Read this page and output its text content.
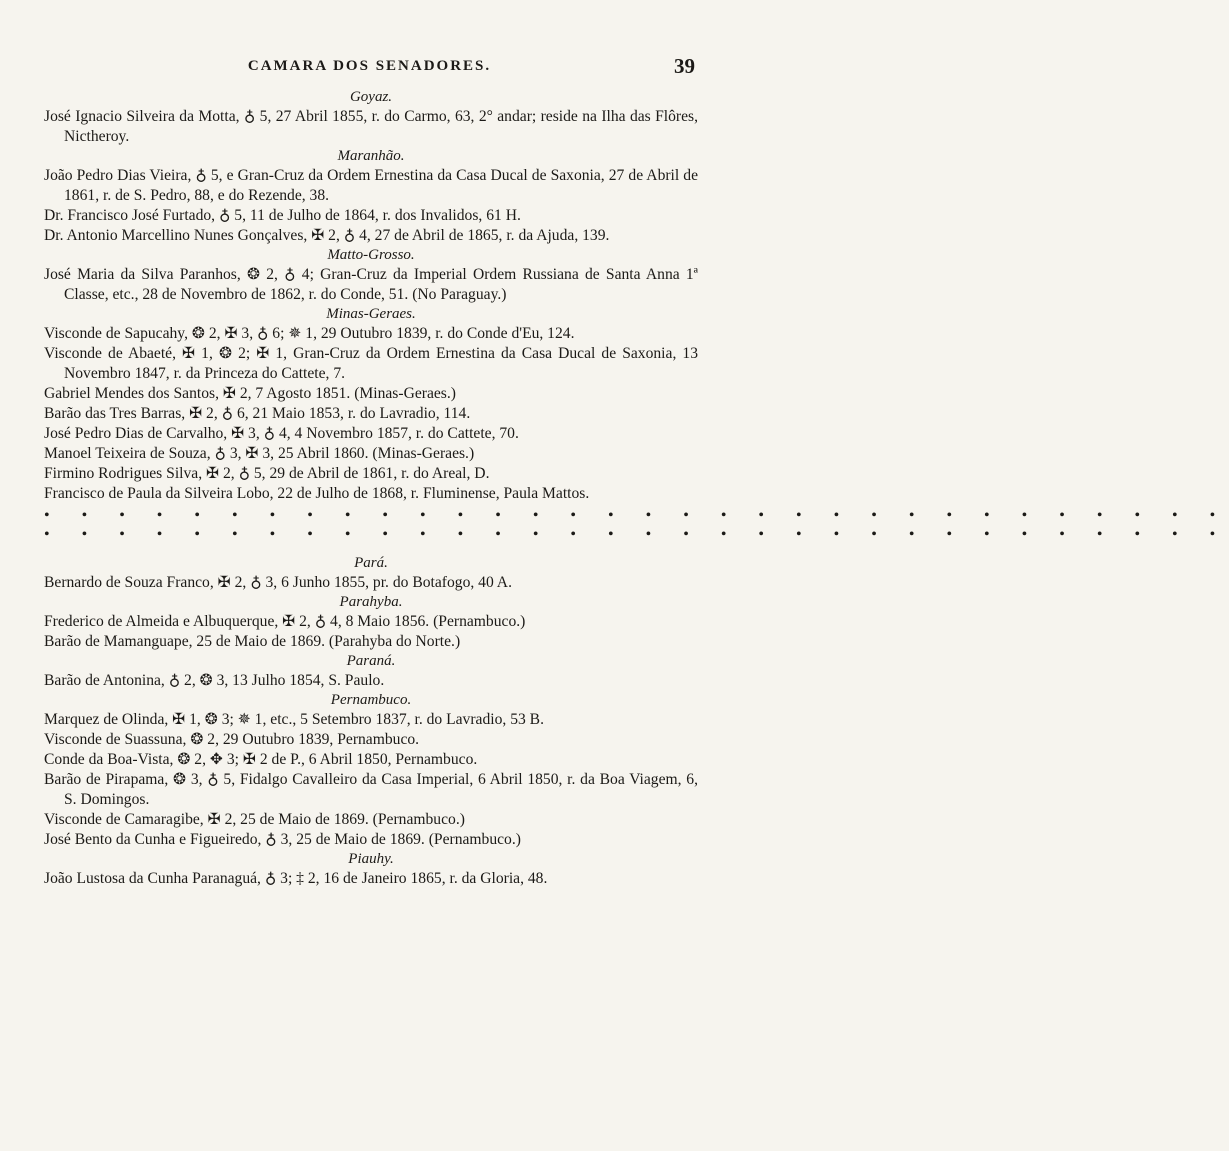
CAMARA DOS SENADORES.	39
Goyaz.
José Ignacio Silveira da Motta, ♁ 5, 27 Abril 1855, r. do Carmo, 63, 2° andar; reside na Ilha das Flôres, Nictheroy.
Maranhão.
João Pedro Dias Vieira, ♁ 5, e Gran-Cruz da Ordem Ernestina da Casa Ducal de Saxonia, 27 de Abril de 1861, r. de S. Pedro, 88, e do Rezende, 38.
Dr. Francisco José Furtado, ♁ 5, 11 de Julho de 1864, r. dos Invalidos, 61 H.
Dr. Antonio Marcellino Nunes Gonçalves, ✠ 2, ♁ 4, 27 de Abril de 1865, r. da Ajuda, 139.
Matto-Grosso.
José Maria da Silva Paranhos, ❂ 2, ♁ 4; Gran-Cruz da Imperial Ordem Russiana de Santa Anna 1ª Classe, etc., 28 de Novembro de 1862, r. do Conde, 51. (No Paraguay.)
Minas-Geraes.
Visconde de Sapucahy, ❂ 2, ✠ 3, ♁ 6; ✵ 1, 29 Outubro 1839, r. do Conde d'Eu, 124.
Visconde de Abaeté, ✠ 1, ❂ 2; ✠ 1, Gran-Cruz da Ordem Ernestina da Casa Ducal de Saxonia, 13 Novembro 1847, r. da Princeza do Cattete, 7.
Gabriel Mendes dos Santos, ✠ 2, 7 Agosto 1851. (Minas-Geraes.)
Barão das Tres Barras, ✠ 2, ♁ 6, 21 Maio 1853, r. do Lavradio, 114.
José Pedro Dias de Carvalho, ✠ 3, ♁ 4, 4 Novembro 1857, r. do Cattete, 70.
Manoel Teixeira de Souza, ♁ 3, ✠ 3, 25 Abril 1860. (Minas-Geraes.)
Firmino Rodrigues Silva, ✠ 2, ♁ 5, 29 de Abril de 1861, r. do Areal, D.
Francisco de Paula da Silveira Lobo, 22 de Julho de 1868, r. Fluminense, Paula Mattos.
• • • • • • • • • • • • • • • • • • • • • • • • • • • • • • • •
• • • • • • • • • • • • • • • • • • • • • • • • • • • • • • • •
Pará.
Bernardo de Souza Franco, ✠ 2, ♁ 3, 6 Junho 1855, pr. do Botafogo, 40 A.
Parahyba.
Frederico de Almeida e Albuquerque, ✠ 2, ♁ 4, 8 Maio 1856. (Pernambuco.)
Barão de Mamanguape, 25 de Maio de 1869. (Parahyba do Norte.)
Paraná.
Barão de Antonina, ♁ 2, ❂ 3, 13 Julho 1854, S. Paulo.
Pernambuco.
Marquez de Olinda, ✠ 1, ❂ 3; ✵ 1, etc., 5 Setembro 1837, r. do Lavradio, 53 B.
Visconde de Suassuna, ❂ 2, 29 Outubro 1839, Pernambuco.
Conde da Boa-Vista, ❂ 2, ✥ 3; ✠ 2 de P., 6 Abril 1850, Pernambuco.
Barão de Pirapama, ❂ 3, ♁ 5, Fidalgo Cavalleiro da Casa Imperial, 6 Abril 1850, r. da Boa Viagem, 6, S. Domingos.
Visconde de Camaragibe, ✠ 2, 25 de Maio de 1869. (Pernambuco.)
José Bento da Cunha e Figueiredo, ♁ 3, 25 de Maio de 1869. (Pernambuco.)
Piauhy.
João Lustosa da Cunha Paranaguá, ♁ 3; ‡ 2, 16 de Janeiro 1865, r. da Gloria, 48.
